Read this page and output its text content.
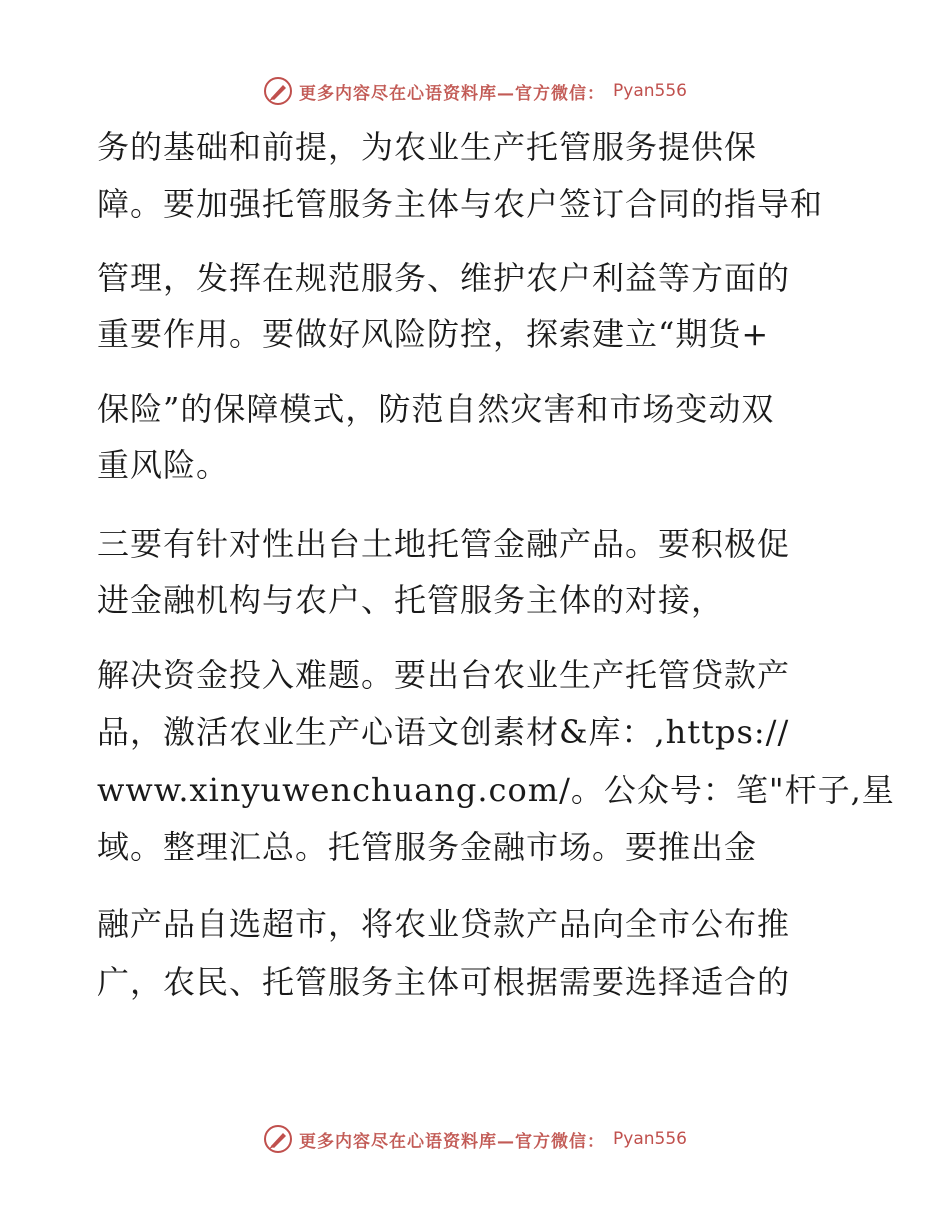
更多内容尽在心语资料库—官方微信： Pyan556
务的基础和前提，为农业生产托管服务提供保
障。要加强托管服务主体与农户签订合同的指导和
管理，发挥在规范服务、维护农户利益等方面的
重要作用。要做好风险防控，探索建立“期货+
保险”的保障模式，防范自然灾害和市场变动双
重风险。
三要有针对性出台土地托管金融产品。要积极促
进金融机构与农户、托管服务主体的对接，
解决资金投入难题。要出台农业生产托管贷款产
品，激活农业生产心语文创素材&库：,https://
www.xinyuwenchuang.com/。公众号：笔"杆子,星
域。整理汇总。托管服务金融市场。要推出金
融产品自选超市，将农业贷款产品向全市公布推
广，农民、托管服务主体可根据需要选择适合的
更多内容尽在心语资料库—官方微信： Pyan556
